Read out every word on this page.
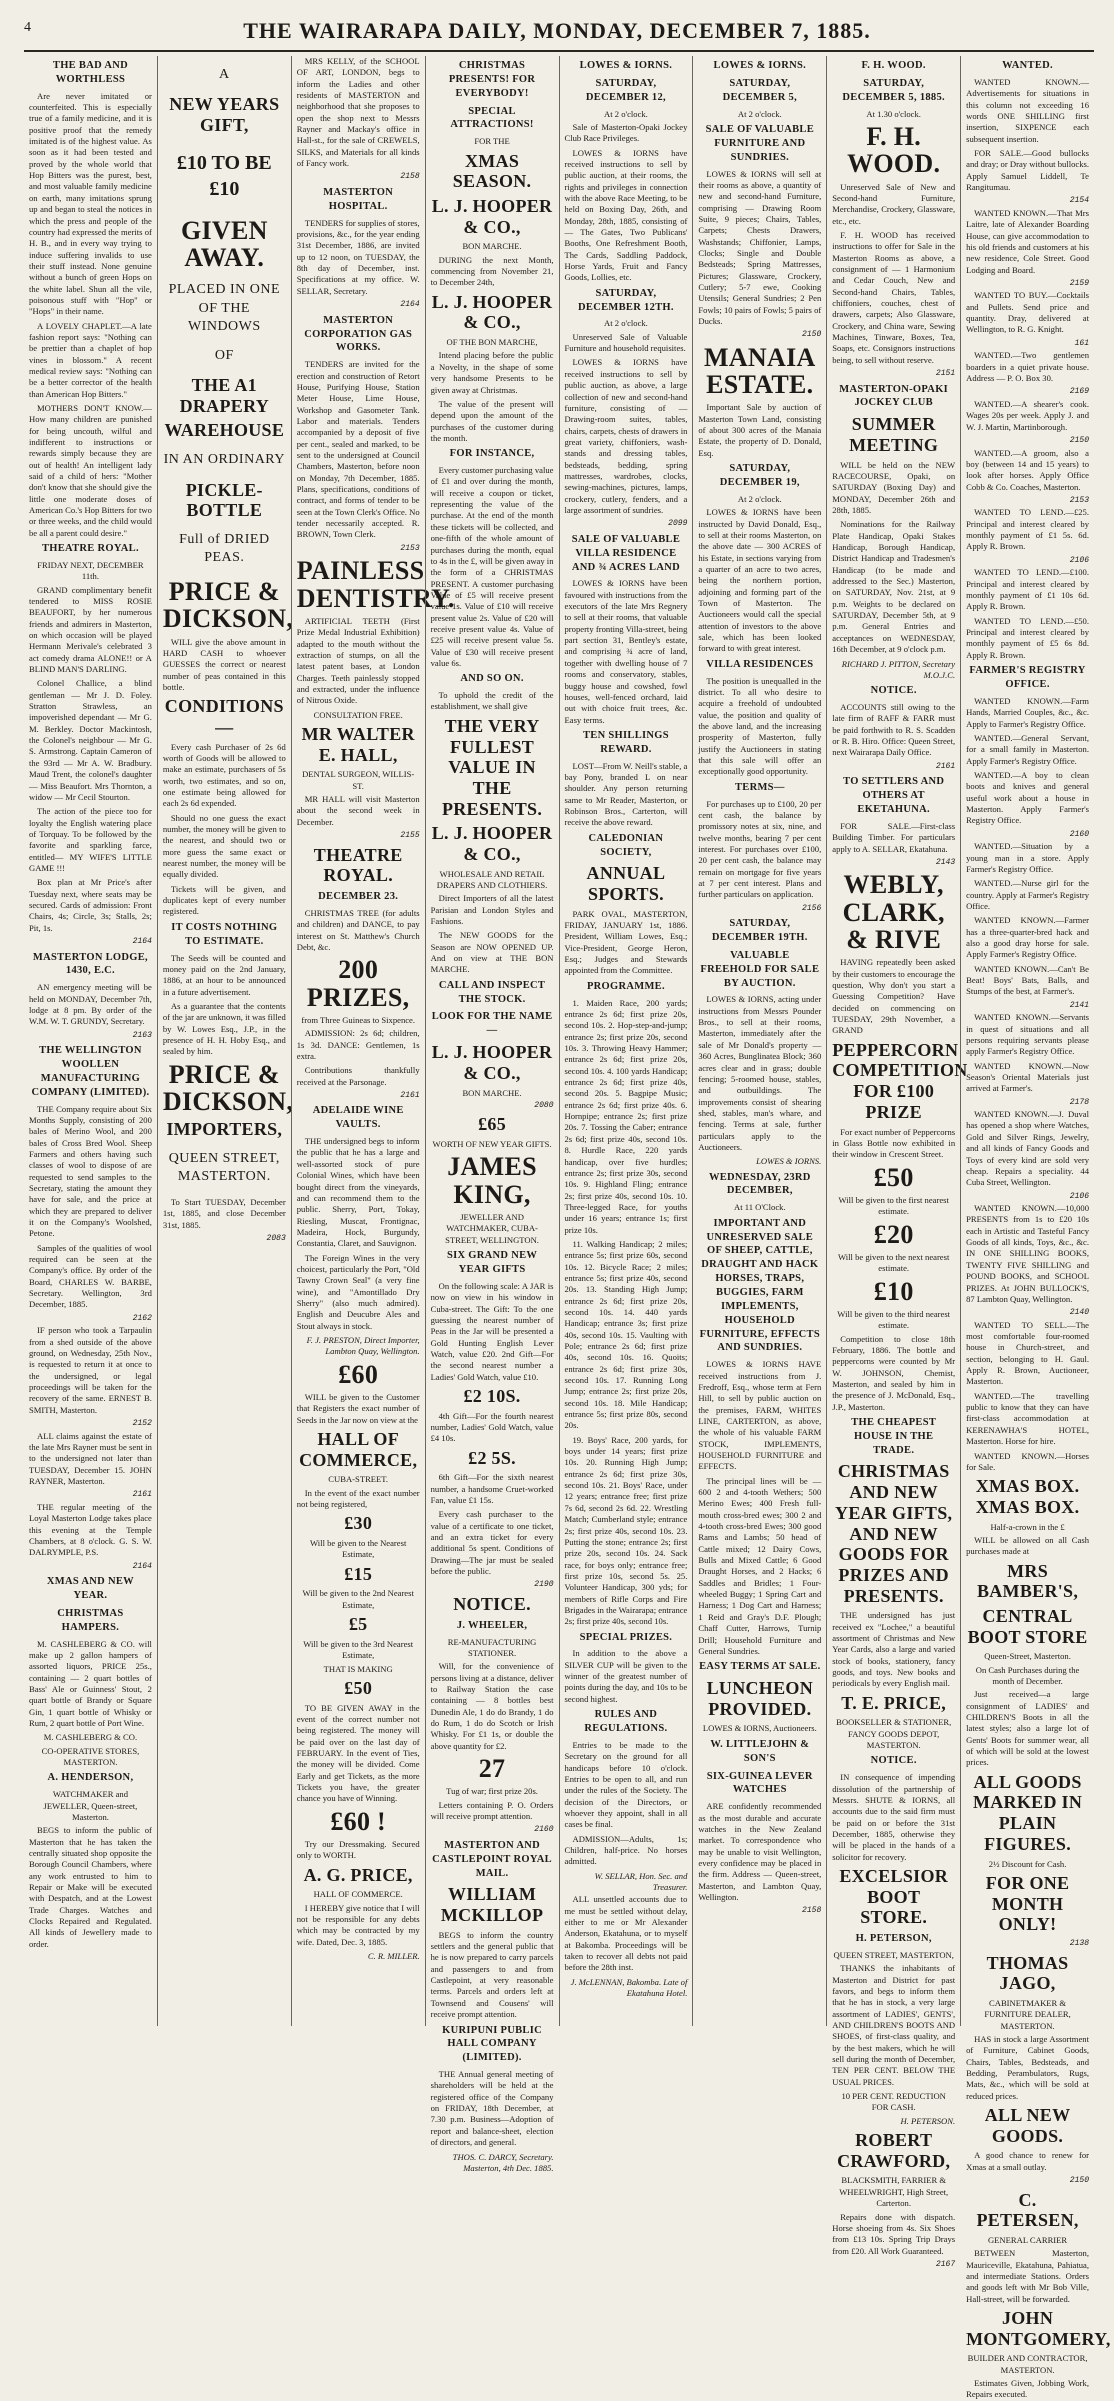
4	THE WAIRARAPA DAILY, MONDAY, DECEMBER 7, 1885.
THE BAD AND WORTHLESS
Are never imitated or counterfeited. This is especially true of a family medicine, and it is positive proof that the remedy imitated is of the highest value. As soon as it had been tested and proved by the whole world that Hop Bitters was the purest, best, and most valuable family medicine on earth, many imitations sprung up and began to steal the notices in which the press and people of the country had expressed the merits of H. B., and in every way trying to induce suffering invalids to use their stuff instead. None genuine without a bunch of green Hops on the white label. Shun all the vile, poisonous stuff with "Hop" or "Hops" in their name.
A LOVELY CHAPLET.—A late fashion report says: "Nothing can be prettier than a chaplet of hop vines in blossom." A recent medical review says: "Nothing can be a better corrector of the health than American Hop Bitters."
MOTHERS DON'T KNOW.—How many children are punished for being uncouth, wilful and indifferent to instructions or rewards simply because they are out of health! An intelligent lady said of a child of hers: "Mother don't know that she should give the little one moderate doses of American Co.'s Hop Bitters for two or three weeks, and the child would be all a parent could desire."
THEATRE ROYAL.
FRIDAY NEXT, DECEMBER 11th.
GRAND complimentary benefit tendered to MISS ROSIE BEAUFORT, by her numerous friends and admirers in Masterton, on which occasion will be played Hermann Merivale's celebrated 3 act comedy drama ALONE!! or A BLIND MAN'S DARLING.
Colonel Challice, a blind gentleman — Mr J. D. Foley. Stratton Strawless, an impoverished dependant — Mr G. M. Berkley. Doctor Mackintosh, the Colonel's neighbour — Mr G. S. Armstrong. Captain Cameron of the 93rd — Mr A. W. Bradbury. Maud Trent, the colonel's daughter — Miss Beaufort. Mrs Thornton, a widow — Mr Cecil Stourton.
The action of the piece too for loyalty the English watering place of Torquay. To be followed by the favorite and sparkling farce, entitled— MY WIFE'S LITTLE GAME !!!
Box plan at Mr Price's after Tuesday next, where seats may be secured. Cards of admission: Front Chairs, 4s; Circle, 3s; Stalls, 2s; Pit, 1s.
2164
MASTERTON LODGE, 1430, E.C.
AN emergency meeting will be held on MONDAY, December 7th, lodge at 8 pm. By order of the W.M. W. T. GRUNDY, Secretary.
2163
THE WELLINGTON WOOLLEN MANUFACTURING COMPANY (LIMITED).
THE Company require about Six Months Supply, consisting of 200 bales of Merino Wool, and 200 bales of Cross Bred Wool. Sheep Farmers and others having such classes of wool to dispose of are requested to send samples to the Secretary, stating the amount they have for sale, and the price at which they are prepared to deliver it on the Company's Woolshed, Petone.
Samples of the qualities of wool required can be seen at the Company's office. By order of the Board, CHARLES W. BARBE, Secretary. Wellington, 3rd December, 1885.
2162
IF person who took a Tarpaulin from a shed outside of the above ground, on Wednesday, 25th Nov., is requested to return it at once to the undersigned, or legal proceedings will be taken for the recovery of the same. ERNEST B. SMITH, Masterton.
2152
ALL claims against the estate of the late Mrs Rayner must be sent in to the undersigned not later than TUESDAY, December 15. JOHN RAYNER, Masterton.
2161
THE regular meeting of the Loyal Masterton Lodge takes place this evening at the Temple Chambers, at 8 o'clock. G. S. W. DALRYMPLE, P.S.
2164
XMAS AND NEW YEAR.
CHRISTMAS HAMPERS.
M. CASHLEBERG & CO. will make up 2 gallon hampers of assorted liquors, PRICE 25s., containing — 2 quart bottles of Bass' Ale or Guinness' Stout, 2 quart bottle of Brandy or Square Gin, 1 quart bottle of Whisky or Rum, 2 quart bottle of Port Wine.
M. CASHLEBERG & CO.
CO-OPERATIVE STORES, MASTERTON.
A. HENDERSON,
WATCHMAKER and JEWELLER, Queen-street, Masterton.
BEGS to inform the public of Masterton that he has taken the centrally situated shop opposite the Borough Council Chambers, where any work entrusted to him to Repair or Make will be executed with Despatch, and at the Lowest Trade Charges. Watches and Clocks Repaired and Regulated. All kinds of Jewellery made to order.
A
NEW YEARS GIFT,
£10 TO BE £10
GIVEN AWAY.
PLACED IN ONE OF THE WINDOWS
OF
THE A1 DRAPERY
WAREHOUSE
IN AN ORDINARY
PICKLE-BOTTLE
Full of DRIED PEAS.
PRICE & DICKSON,
WILL give the above amount in HARD CASH to whoever GUESSES the correct or nearest number of peas contained in this bottle.
CONDITIONS—
Every cash Purchaser of 2s 6d worth of Goods will be allowed to make an estimate, purchasers of 5s worth, two estimates, and so on, one estimate being allowed for each 2s 6d expended.
Should no one guess the exact number, the money will be given to the nearest, and should two or more guess the same exact or nearest number, the money will be equally divided.
Tickets will be given, and duplicates kept of every number registered.
IT COSTS NOTHING TO ESTIMATE.
The Seeds will be counted and money paid on the 2nd January, 1886, at an hour to be announced in a future advertisement.
As a guarantee that the contents of the jar are unknown, it was filled by W. Lowes Esq., J.P., in the presence of H. H. Hoby Esq., and sealed by him.
PRICE & DICKSON,
IMPORTERS,
QUEEN STREET, MASTERTON.
To Start TUESDAY, December 1st, 1885, and close December 31st, 1885.
2083
MRS KELLY, of the SCHOOL OF ART, LONDON, begs to inform the Ladies and other residents of MASTERTON and neighborhood that she proposes to open the shop next to Messrs Rayner and Mackay's office in Hall-st., for the sale of CREWELS, SILKS, and Materials for all kinds of Fancy work.
2158
MASTERTON HOSPITAL.
TENDERS for supplies of stores, provisions, &c., for the year ending 31st December, 1886, are invited up to 12 noon, on TUESDAY, the 8th day of December, inst. Specifications at my office. W. SELLAR, Secretary.
2164
MASTERTON CORPORATION GAS WORKS.
TENDERS are invited for the erection and construction of Retort House, Purifying House, Station Meter House, Lime House, Workshop and Gasometer Tank. Labor and materials. Tenders accompanied by a deposit of five per cent., sealed and marked, to be sent to the undersigned at Council Chambers, Masterton, before noon on Monday, 7th December, 1885. Plans, specifications, conditions of contract, and forms of tender to be seen at the Town Clerk's Office. No tender necessarily accepted. R. BROWN, Town Clerk.
2153
PAINLESS DENTISTRY.
ARTIFICIAL TEETH (First Prize Medal Industrial Exhibition) adapted to the mouth without the extraction of stumps, on all the latest patent bases, at London Charges. Teeth painlessly stopped and extracted, under the influence of Nitrous Oxide.
CONSULTATION FREE.
MR WALTER E. HALL,
DENTAL SURGEON, WILLIS-ST.
MR HALL will visit Masterton about the second week in December.
2155
THEATRE ROYAL.
DECEMBER 23.
CHRISTMAS TREE (for adults and children) and DANCE, to pay interest on St. Matthew's Church Debt, &c.
200 PRIZES,
from Three Guineas to Sixpence.
ADMISSION: 2s 6d; children, 1s 3d. DANCE: Gentlemen, 1s extra.
Contributions thankfully received at the Parsonage.
2161
ADELAIDE WINE VAULTS.
THE undersigned begs to inform the public that he has a large and well-assorted stock of pure Colonial Wines, which have been bought direct from the vineyards, and can recommend them to the public. Sherry, Port, Tokay, Riesling, Muscat, Frontignac, Madeira, Hock, Burgundy, Constantia, Claret, and Sauvignon.
The Foreign Wines in the very choicest, particularly the Port, "Old Tawny Crown Seal" (a very fine wine), and "Amontillado Dry Sherry" (also much admired). English and Deucubre Ales and Stout always in stock.
F. J. PRESTON, Direct Importer, Lambton Quay, Wellington.
£60
WILL be given to the Customer that Registers the exact number of Seeds in the Jar now on view at the
HALL OF COMMERCE,
CUBA-STREET.
In the event of the exact number not being registered,
£30
Will be given to the Nearest Estimate,
£15
Will be given to the 2nd Nearest Estimate,
£5
Will be given to the 3rd Nearest Estimate,
THAT IS MAKING
£50
TO BE GIVEN AWAY in the event of the correct number not being registered. The money will be paid over on the last day of FEBRUARY. In the event of Ties, the money will be divided. Come Early and get Tickets, as the more Tickets you have, the greater chance you have of Winning.
£60 !
Try our Dressmaking. Secured only to WORTH.
A. G. PRICE,
HALL OF COMMERCE.
I HEREBY give notice that I will not be responsible for any debts which may be contracted by my wife. Dated, Dec. 3, 1885.
C. R. MILLER.
CHRISTMAS PRESENTS! FOR EVERYBODY!
SPECIAL ATTRACTIONS!
FOR THE
XMAS SEASON.
L. J. HOOPER & CO.,
BON MARCHE.
DURING the next Month, commencing from November 21, to December 24th,
L. J. HOOPER & CO.,
OF THE BON MARCHE,
Intend placing before the public a Novelty, in the shape of some very handsome Presents to be given away at Christmas.
The value of the present will depend upon the amount of the purchases of the customer during the month.
FOR INSTANCE,
Every customer purchasing value of £1 and over during the month, will receive a coupon or ticket, representing the value of the purchase. At the end of the month these tickets will be collected, and one-fifth of the whole amount of purchases during the month, equal to 4s in the £, will be given away in the form of a CHRISTMAS PRESENT. A customer purchasing Value of £5 will receive present value 1s. Value of £10 will receive present value 2s. Value of £20 will receive present value 4s. Value of £25 will receive present value 5s. Value of £30 will receive present value 6s.
AND SO ON.
To uphold the credit of the establishment, we shall give
THE VERY FULLEST VALUE IN THE PRESENTS.
L. J. HOOPER & CO.,
WHOLESALE AND RETAIL DRAPERS AND CLOTHIERS.
Direct Importers of all the latest Parisian and London Styles and Fashions.
The NEW GOODS for the Season are NOW OPENED UP. And on view at THE BON MARCHE.
CALL AND INSPECT THE STOCK.
LOOK FOR THE NAME—
L. J. HOOPER & CO.,
BON MARCHE.
2080
£65
WORTH OF NEW YEAR GIFTS.
JAMES KING,
JEWELLER AND WATCHMAKER, CUBA-STREET, WELLINGTON.
SIX GRAND NEW YEAR GIFTS
On the following scale: A JAR is now on view in his window in Cuba-street. The Gift: To the one guessing the nearest number of Peas in the Jar will be presented a Gold Hunting English Lever Watch, value £20. 2nd Gift—For the second nearest number a Ladies' Gold Watch, value £10.
£2 10S.
4th Gift—For the fourth nearest number, Ladies' Gold Watch, value £4 10s.
£2 5S.
6th Gift—For the sixth nearest number, a handsome Cruet-worked Fan, value £1 15s.
Every cash purchaser to the value of a certificate to one ticket, and an extra ticket for every additional 5s spent. Conditions of Drawing—The jar must be sealed before the public.
2190
NOTICE.
J. WHEELER,
RE-MANUFACTURING STATIONER.
Will, for the convenience of persons living at a distance, deliver to Railway Station the case containing — 8 bottles best Dunedin Ale, 1 do do Brandy, 1 do do Rum, 1 do do Scotch or Irish Whisky. For £1 1s, or double the above quantity for £2.
27
Tug of war; first prize 20s.
Letters containing P. O. Orders will receive prompt attention.
2160
MASTERTON AND CASTLEPOINT ROYAL MAIL.
WILLIAM MCKILLOP
BEGS to inform the country settlers and the general public that he is now prepared to carry parcels and passengers to and from Castlepoint, at very reasonable terms. Parcels and orders left at Townsend and Cousens' will receive prompt attention.
KURIPUNI PUBLIC HALL COMPANY (LIMITED).
THE Annual general meeting of shareholders will be held at the registered office of the Company on FRIDAY, 18th December, at 7.30 p.m. Business—Adoption of report and balance-sheet, election of directors, and general.
THOS. C. DARCY, Secretary. Masterton, 4th Dec. 1885.
LOWES & IORNS.
SATURDAY, DECEMBER 12,
At 2 o'clock.
Sale of Masterton-Opaki Jockey Club Race Privileges.
LOWES & IORNS have received instructions to sell by public auction, at their rooms, the rights and privileges in connection with the above Race Meeting, to be held on Boxing Day, 26th, and Monday, 28th, 1885, consisting of — The Gates, Two Publicans' Booths, One Refreshment Booth, The Cards, Saddling Paddock, Horse Yards, Fruit and Fancy Goods, Lollies, etc.
SATURDAY, DECEMBER 12TH.
At 2 o'clock.
Unreserved Sale of Valuable Furniture and household requisites.
LOWES & IORNS have received instructions to sell by public auction, as above, a large collection of new and second-hand furniture, consisting of — Drawing-room suites, tables, chairs, carpets, chests of drawers in great variety, chiffoniers, wash-stands and dressing tables, bedsteads, bedding, spring mattresses, wardrobes, clocks, sewing-machines, pictures, lamps, crockery, cutlery, fenders, and a large assortment of sundries.
2099
SALE OF VALUABLE VILLA RESIDENCE AND ¾ ACRES LAND
LOWES & IORNS have been favoured with instructions from the executors of the late Mrs Regnery to sell at their rooms, that valuable property fronting Villa-street, being part section 31, Bentley's estate, and comprising ¾ acre of land, together with dwelling house of 7 rooms and conservatory, stables, buggy house and cowshed, fowl houses, well-fenced orchard, laid out with choice fruit trees, &c. Easy terms.
TEN SHILLINGS REWARD.
LOST—From W. Neill's stable, a bay Pony, branded L on near shoulder. Any person returning same to Mr Reader, Masterton, or Robinson Bros., Carterton, will receive the above reward.
CALEDONIAN SOCIETY,
ANNUAL SPORTS.
PARK OVAL, MASTERTON, FRIDAY, JANUARY 1st, 1886. President, William Lowes, Esq.; Vice-President, George Heron, Esq.; Judges and Stewards appointed from the Committee.
PROGRAMME.
1. Maiden Race, 200 yards; entrance 2s 6d; first prize 20s, second 10s. 2. Hop-step-and-jump; entrance 2s; first prize 20s, second 10s. 3. Throwing Heavy Hammer; entrance 2s 6d; first prize 20s, second 10s. 4. 100 yards Handicap; entrance 2s 6d; first prize 40s, second 20s. 5. Bagpipe Music; entrance 2s 6d; first prize 40s. 6. Hornpipe; entrance 2s; first prize 20s. 7. Tossing the Caber; entrance 2s 6d; first prize 40s, second 10s. 8. Hurdle Race, 220 yards handicap, over five hurdles; entrance 2s; first prize 30s, second 10s. 9. Highland Fling; entrance 2s; first prize 40s, second 10s. 10. Three-legged Race, for youths under 16 years; entrance 1s; first prize 10s.
11. Walking Handicap; 2 miles; entrance 5s; first prize 60s, second 10s. 12. Bicycle Race; 2 miles; entrance 5s; first prize 40s, second 20s. 13. Standing High Jump; entrance 2s 6d; first prize 20s, second 10s. 14. 440 yards Handicap; entrance 3s; first prize 40s, second 10s. 15. Vaulting with Pole; entrance 2s 6d; first prize 40s, second 10s. 16. Quoits; entrance 2s 6d; first prize 30s, second 10s. 17. Running Long Jump; entrance 2s; first prize 20s, second 10s. 18. Mile Handicap; entrance 5s; first prize 80s, second 20s.
19. Boys' Race, 200 yards, for boys under 14 years; first prize 10s. 20. Running High Jump; entrance 2s 6d; first prize 30s, second 10s. 21. Boys' Race, under 12 years; entrance free; first prize 7s 6d, second 2s 6d. 22. Wrestling Match; Cumberland style; entrance 2s; first prize 40s, second 10s. 23. Putting the stone; entrance 2s; first prize 20s, second 10s. 24. Sack race, for boys only; entrance free; first prize 10s, second 5s. 25. Volunteer Handicap, 300 yds; for members of Rifle Corps and Fire Brigades in the Wairarapa; entrance 2s; first prize 40s, second 10s.
SPECIAL PRIZES.
In addition to the above a SILVER CUP will be given to the winner of the greatest number of points during the day, and 10s to be second highest.
RULES AND REGULATIONS.
Entries to be made to the Secretary on the ground for all handicaps before 10 o'clock. Entries to be open to all, and run under the rules of the Society. The decision of the Directors, or whoever they appoint, shall in all cases be final.
ADMISSION—Adults, 1s; Children, half-price. No horses admitted.
W. SELLAR, Hon. Sec. and Treasurer.
ALL unsettled accounts due to me must be settled without delay, either to me or Mr Alexander Anderson, Ekatahuna, or to myself at Bakomba. Proceedings will be taken to recover all debts not paid before the 28th inst.
J. McLENNAN, Bakomba. Late of Ekatahuna Hotel.
LOWES & IORNS.
SATURDAY, DECEMBER 5,
At 2 o'clock.
SALE OF VALUABLE FURNITURE AND SUNDRIES.
LOWES & IORNS will sell at their rooms as above, a quantity of new and second-hand Furniture, comprising — Drawing Room Suite, 9 pieces; Chairs, Tables, Carpets; Chests Drawers, Washstands; Chiffonier, Lamps, Clocks; Single and Double Bedsteads; Spring Mattresses, Pictures; Glassware, Crockery, Cutlery; 5-7 ewe, Cooking Utensils; General Sundries; 2 Pen Fowls; 10 pairs of Fowls; 5 pairs of Ducks.
2150
MANAIA ESTATE.
Important Sale by auction of Masterton Town Land, consisting of about 300 acres of the Manaia Estate, the property of D. Donald, Esq.
SATURDAY, DECEMBER 19,
At 2 o'clock.
LOWES & IORNS have been instructed by David Donald, Esq., to sell at their rooms Masterton, on the above date — 300 ACRES of his Estate, in sections varying from a quarter of an acre to two acres, being the northern portion, adjoining and forming part of the Town of Masterton. The Auctioneers would call the special attention of investors to the above sale, which has been looked forward to with great interest.
VILLA RESIDENCES
The position is unequalled in the district. To all who desire to acquire a freehold of undoubted value, the position and quality of the above land, and the increasing prosperity of Masterton, fully justify the Auctioneers in stating that this sale will offer an exceptionally good opportunity.
TERMS—
For purchases up to £100, 20 per cent cash, the balance by promissory notes at six, nine, and twelve months, bearing 7 per cent interest. For purchases over £100, 20 per cent cash, the balance may remain on mortgage for five years at 7 per cent interest. Plans and further particulars on application.
2156
SATURDAY, DECEMBER 19TH.
VALUABLE FREEHOLD FOR SALE BY AUCTION.
LOWES & IORNS, acting under instructions from Messrs Pounder Bros., to sell at their rooms, Masterton, immediately after the sale of Mr Donald's property — 360 Acres, Bunglinatea Block; 360 acres clear and in grass; double fencing; 5-roomed house, stables, and outbuildings. The improvements consist of shearing shed, stables, man's whare, and fencing. Terms at sale, further particulars apply to the Auctioneers.
LOWES & IORNS.
WEDNESDAY, 23RD DECEMBER,
At 11 O'Clock.
IMPORTANT AND UNRESERVED SALE OF SHEEP, CATTLE, DRAUGHT AND HACK HORSES, TRAPS, BUGGIES, FARM IMPLEMENTS, HOUSEHOLD FURNITURE, EFFECTS AND SUNDRIES.
LOWES & IORNS HAVE received instructions from J. Fredroff, Esq., whose term at Fern Hill, to sell by public auction on the premises, FARM, WHITES LINE, CARTERTON, as above, the whole of his valuable FARM STOCK, IMPLEMENTS, HOUSEHOLD FURNITURE and EFFECTS.
The principal lines will be — 600 2 and 4-tooth Wethers; 500 Merino Ewes; 400 Fresh full-mouth cross-bred ewes; 300 2 and 4-tooth cross-bred Ewes; 300 good Rams and Lambs; 50 head of Cattle mixed; 12 Dairy Cows, Bulls and Mixed Cattle; 6 Good Draught Horses, and 2 Hacks; 6 Saddles and Bridles; 1 Four-wheeled Buggy; 1 Spring Cart and Harness; 1 Dog Cart and Harness; 1 Reid and Gray's D.F. Plough; Chaff Cutter, Harrows, Turnip Drill; Household Furniture and General Sundries.
EASY TERMS AT SALE.
LUNCHEON PROVIDED.
LOWES & IORNS, Auctioneers.
W. LITTLEJOHN & SON'S
SIX-GUINEA LEVER WATCHES
ARE confidently recommended as the most durable and accurate watches in the New Zealand market. To correspondence who may be unable to visit Wellington, every confidence may be placed in the firm. Address — Queen-street, Masterton, and Lambton Quay, Wellington.
2158
F. H. WOOD.
SATURDAY, DECEMBER 5, 1885.
At 1.30 o'clock.
F. H. WOOD.
Unreserved Sale of New and Second-hand Furniture, Merchandise, Crockery, Glassware, etc., etc.
F. H. WOOD has received instructions to offer for Sale in the Masterton Rooms as above, a consignment of — 1 Harmonium and Cedar Couch, New and Second-hand Chairs, Tables, chiffoniers, couches, chest of drawers, carpets; Also Glassware, Crockery, and China ware, Sewing Machines, Tinware, Boxes, Tea, Soaps, etc. Consignors instructions being, to sell without reserve.
2151
MASTERTON-OPAKI JOCKEY CLUB
SUMMER MEETING
WILL be held on the NEW RACECOURSE, Opaki, on SATURDAY (Boxing Day) and MONDAY, December 26th and 28th, 1885.
Nominations for the Railway Plate Handicap, Opaki Stakes Handicap, Borough Handicap, District Handicap and Tradesmen's Handicap (to be made and addressed to the Sec.) Masterton, on SATURDAY, Nov. 21st, at 9 p.m. Weights to be declared on SATURDAY, December 5th, at 9 p.m. General Entries and acceptances on WEDNESDAY, 16th December, at 9 o'clock p.m.
RICHARD J. PITTON, Secretary M.O.J.C.
NOTICE.
ACCOUNTS still owing to the late firm of RAFF & FARR must be paid forthwith to R. S. Scadden or R. B. Hiro. Office: Queen Street, next Wairarapa Daily Office.
2161
TO SETTLERS AND OTHERS AT EKETAHUNA.
FOR SALE.—First-class Building Timber. For particulars apply to A. SELLAR, Ekatahuna.
2143
WEBLY, CLARK, & RIVE
HAVING repeatedly been asked by their customers to encourage the question, Why don't you start a Guessing Competition? Have decided on commencing on TUESDAY, 29th November, a GRAND
PEPPERCORN COMPETITION FOR £100 PRIZE
For exact number of Peppercorns in Glass Bottle now exhibited in their window in Crescent Street.
£50
Will be given to the first nearest estimate.
£20
Will be given to the next nearest estimate.
£10
Will be given to the third nearest estimate.
Competition to close 18th February, 1886. The bottle and peppercorns were counted by Mr W. JOHNSON, Chemist, Masterton, and sealed by him in the presence of J. McDonald, Esq., J.P., Masterton.
THE CHEAPEST HOUSE IN THE TRADE.
CHRISTMAS AND NEW YEAR GIFTS, AND NEW GOODS FOR PRIZES AND PRESENTS.
THE undersigned has just received ex "Lochee," a beautiful assortment of Christmas and New Year Cards, also a large and varied stock of books, stationery, fancy goods, and toys. New books and periodicals by every English mail.
T. E. PRICE,
BOOKSELLER & STATIONER, FANCY GOODS DEPOT, MASTERTON.
NOTICE.
IN consequence of impending dissolution of the partnership of Messrs. SHUTE & IORNS, all accounts due to the said firm must be paid on or before the 31st December, 1885, otherwise they will be placed in the hands of a solicitor for recovery.
EXCELSIOR BOOT STORE.
H. PETERSON,
QUEEN STREET, MASTERTON,
THANKS the inhabitants of Masterton and District for past favors, and begs to inform them that he has in stock, a very large assortment of LADIES', GENTS', AND CHILDREN'S BOOTS AND SHOES, of first-class quality, and by the best makers, which he will sell during the month of December, TEN PER CENT. BELOW THE USUAL PRICES.
10 PER CENT. REDUCTION FOR CASH.
H. PETERSON.
ROBERT CRAWFORD,
BLACKSMITH, FARRIER & WHEELWRIGHT, High Street, Carterton.
Repairs done with dispatch. Horse shoeing from 4s. Six Shoes from £13 10s. Spring Trip Drays from £20. All Work Guaranteed.
2167
WANTED.
WANTED KNOWN.—Advertisements for situations in this column not exceeding 16 words ONE SHILLING first insertion, SIXPENCE each subsequent insertion.
FOR SALE.—Good bullocks and dray; or Dray without bullocks. Apply Samuel Liddell, Te Rangitumau.
2154
WANTED KNOWN.—That Mrs Laitre, late of Alexander Boarding House, can give accommodation to his old friends and customers at his new residence, Cole Street. Good Lodging and Board.
2159
WANTED TO BUY.—Cocktails and Pullets. Send price and quantity. Dray, delivered at Wellington, to R. G. Knight.
161
WANTED.—Two gentlemen boarders in a quiet private house. Address — P. O. Box 30.
2169
WANTED.—A shearer's cook. Wages 20s per week. Apply J. and W. J. Martin, Martinborough.
2150
WANTED.—A groom, also a boy (between 14 and 15 years) to look after horses. Apply Office Cobb & Co. Coaches, Masterton.
2153
WANTED TO LEND.—£25. Principal and interest cleared by monthly payment of £1 5s. 6d. Apply R. Brown.
2106
WANTED TO LEND.—£100. Principal and interest cleared by monthly payment of £1 10s 6d. Apply R. Brown.
WANTED TO LEND.—£50. Principal and interest cleared by monthly payment of £5 6s 8d. Apply R. Brown.
FARMER'S REGISTRY OFFICE.
WANTED KNOWN.—Farm Hands, Married Couples, &c., &c. Apply to Farmer's Registry Office.
WANTED.—General Servant, for a small family in Masterton. Apply Farmer's Registry Office.
WANTED.—A boy to clean boots and knives and general useful work about a house in Masterton. Apply Farmer's Registry Office.
2160
WANTED.—Situation by a young man in a store. Apply Farmer's Registry Office.
WANTED.—Nurse girl for the country. Apply at Farmer's Registry Office.
WANTED KNOWN.—Farmer has a three-quarter-bred hack and also a good dray horse for sale. Apply Farmer's Registry Office.
WANTED KNOWN.—Can't Be Beat! Boys' Bats, Balls, and Stumps of the best, at Farmer's.
2141
WANTED KNOWN.—Servants in quest of situations and all persons requiring servants please apply Farmer's Registry Office.
WANTED KNOWN.—Now Season's Oriental Materials just arrived at Farmer's.
2178
WANTED KNOWN.—J. Duval has opened a shop where Watches, Gold and Silver Rings, Jewelry, and all kinds of Fancy Goods and Toys of every kind are sold very cheap. Repairs a speciality. 44 Cuba Street, Wellington.
2106
WANTED KNOWN.—10,000 PRESENTS from 1s to £20 10s each in Artistic and Tasteful Fancy Goods of all kinds, Toys, &c., &c. IN ONE SHILLING BOOKS, TWENTY FIVE SHILLING and POUND BOOKS, and SCHOOL PRIZES. At JOHN BULLOCK'S, 87 Lambton Quay, Wellington.
2140
WANTED TO SELL.—The most comfortable four-roomed house in Church-street, and section, belonging to H. Gaul. Apply R. Brown, Auctioneer, Masterton.
WANTED.—The travelling public to know that they can have first-class accommodation at KERENAWHA'S HOTEL, Masterton. Horse for hire.
WANTED KNOWN.—Horses for Sale.
XMAS BOX. XMAS BOX.
Half-a-crown in the £
WILL be allowed on all Cash purchases made at
MRS BAMBER'S,
CENTRAL BOOT STORE
Queen-Street, Masterton.
On Cash Purchases during the month of December.
Just received—a large consignment of LADIES' and CHILDREN'S Boots in all the latest styles; also a large lot of Gents' Boots for summer wear, all of which will be sold at the lowest prices.
ALL GOODS MARKED IN PLAIN FIGURES.
2½ Discount for Cash.
FOR ONE MONTH ONLY!
2138
THOMAS JAGO,
CABINETMAKER & FURNITURE DEALER, MASTERTON.
HAS in stock a large Assortment of Furniture, Cabinet Goods, Chairs, Tables, Bedsteads, and Bedding, Perambulators, Rugs, Mats, &c., which will be sold at reduced prices.
ALL NEW GOODS.
A good chance to renew for Xmas at a small outlay.
2150
C. PETERSEN,
GENERAL CARRIER
BETWEEN Masterton, Mauriceville, Ekatahuna, Pahiatua, and intermediate Stations. Orders and goods left with Mr Bob Ville, Hall-street, will be forwarded.
JOHN MONTGOMERY,
BUILDER AND CONTRACTOR, MASTERTON.
Estimates Given, Jobbing Work, Repairs executed.
